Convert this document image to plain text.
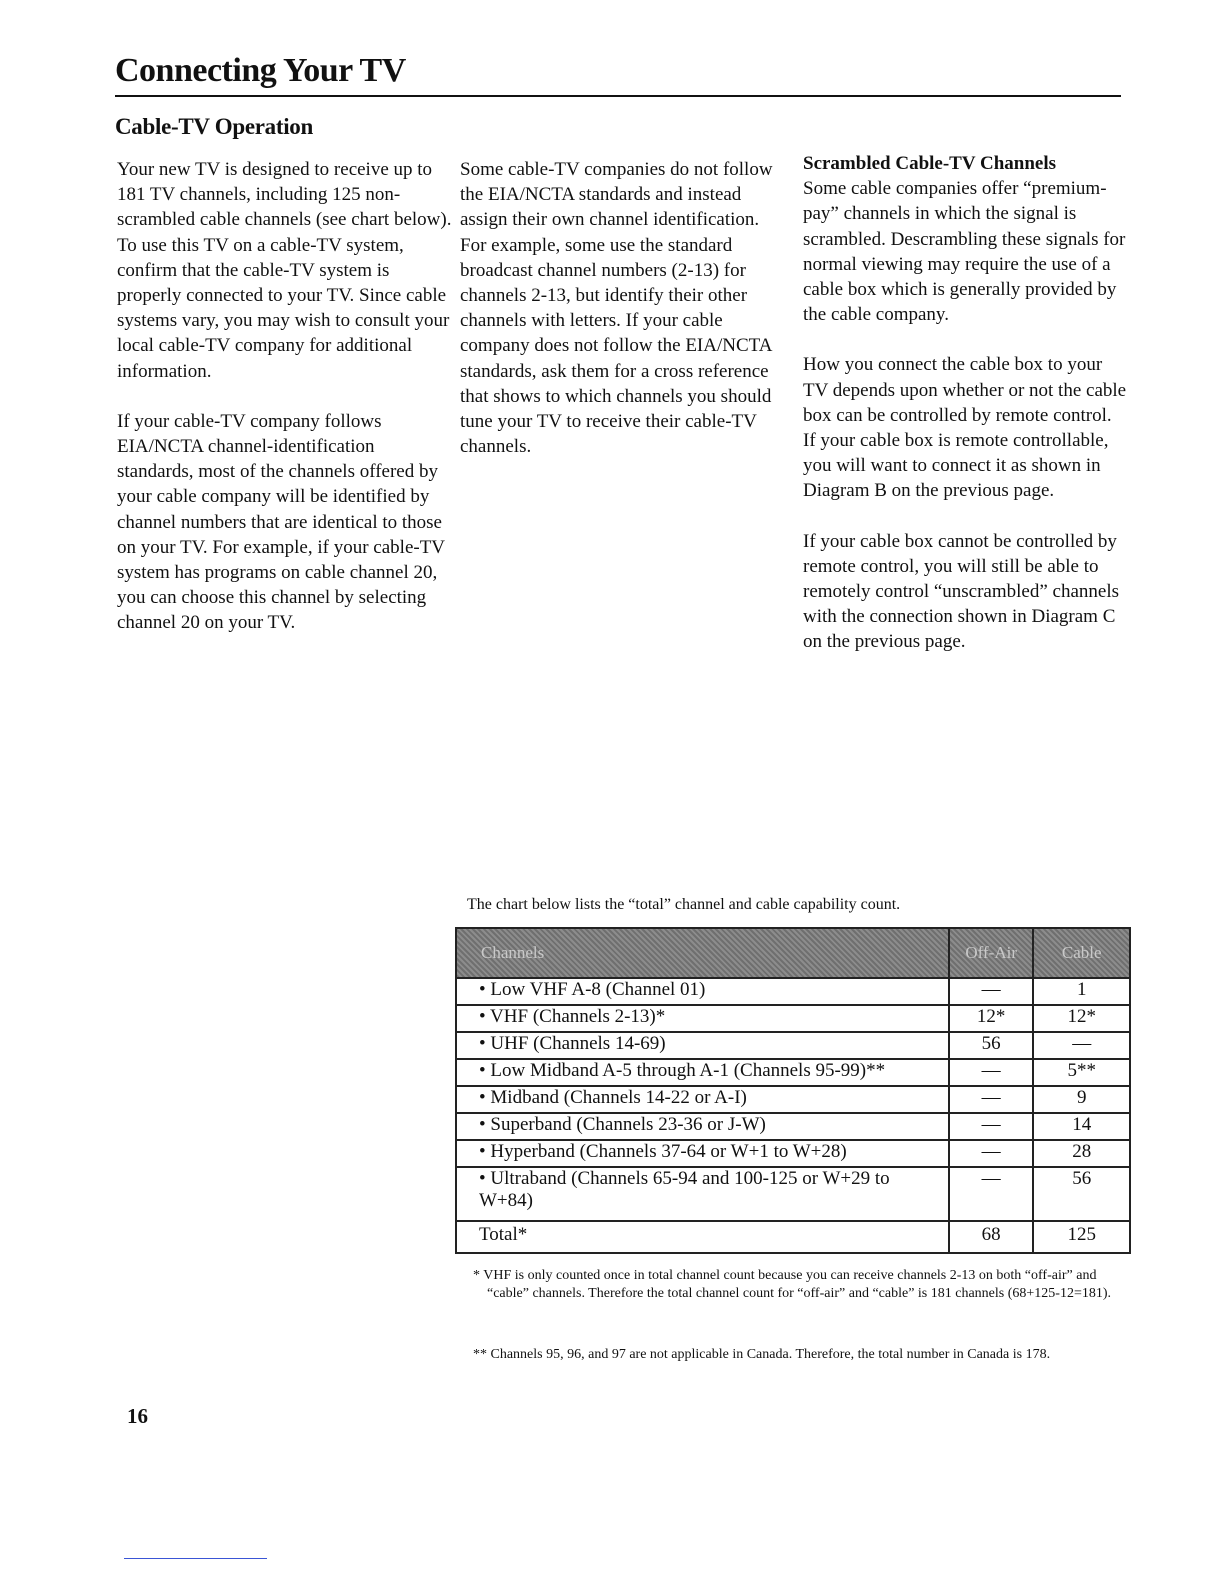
Connecting Your TV
Cable-TV Operation

Your new TV is designed to receive up to 181 TV channels, including 125 non-scrambled cable channels (see chart below). To use this TV on a cable-TV system, confirm that the cable-TV system is properly connected to your TV. Since cable systems vary, you may wish to consult your local cable-TV company for additional information.

If your cable-TV company follows EIA/NCTA channel-identification standards, most of the channels offered by your cable company will be identified by channel numbers that are identical to those on your TV. For example, if your cable-TV system has programs on cable channel 20, you can choose this channel by selecting channel 20 on your TV.

Some cable-TV companies do not follow the EIA/NCTA standards and instead assign their own channel identification. For example, some use the standard broadcast channel numbers (2-13) for channels 2-13, but identify their other channels with letters. If your cable company does not follow the EIA/NCTA standards, ask them for a cross reference that shows to which channels you should tune your TV to receive their cable-TV channels.

Scrambled Cable-TV Channels

Some cable companies offer “premium-pay” channels in which the signal is scrambled. Descrambling these signals for normal viewing may require the use of a cable box which is generally provided by the cable company.

How you connect the cable box to your TV depends upon whether or not the cable box can be controlled by remote control. If your cable box is remote controllable, you will want to connect it as shown in Diagram B on the previous page.

If your cable box cannot be controlled by remote control, you will still be able to remotely control “unscrambled” channels with the connection shown in Diagram C on the previous page.

The chart below lists the “total” channel and cable capability count.

Channels	Off-Air	Cable
• Low VHF A-8 (Channel 01)	—	1
• VHF (Channels 2-13)*	12*	12*
• UHF (Channels 14-69)	56	—
• Low Midband A-5 through A-1 (Channels 95-99)**	—	5**
• Midband (Channels 14-22 or A-I)	—	9
• Superband (Channels 23-36 or J-W)	—	14
• Hyperband (Channels 37-64 or W+1 to W+28)	—	28
• Ultraband (Channels 65-94 and 100-125 or W+29 to W+84)	—	56
Total*	68	125

* VHF is only counted once in total channel count because you can receive channels 2-13 on both “off-air” and “cable” channels. Therefore the total channel count for “off-air” and “cable” is 181 channels (68+125-12=181).

** Channels 95, 96, and 97 are not applicable in Canada. Therefore, the total number in Canada is 178.

16
